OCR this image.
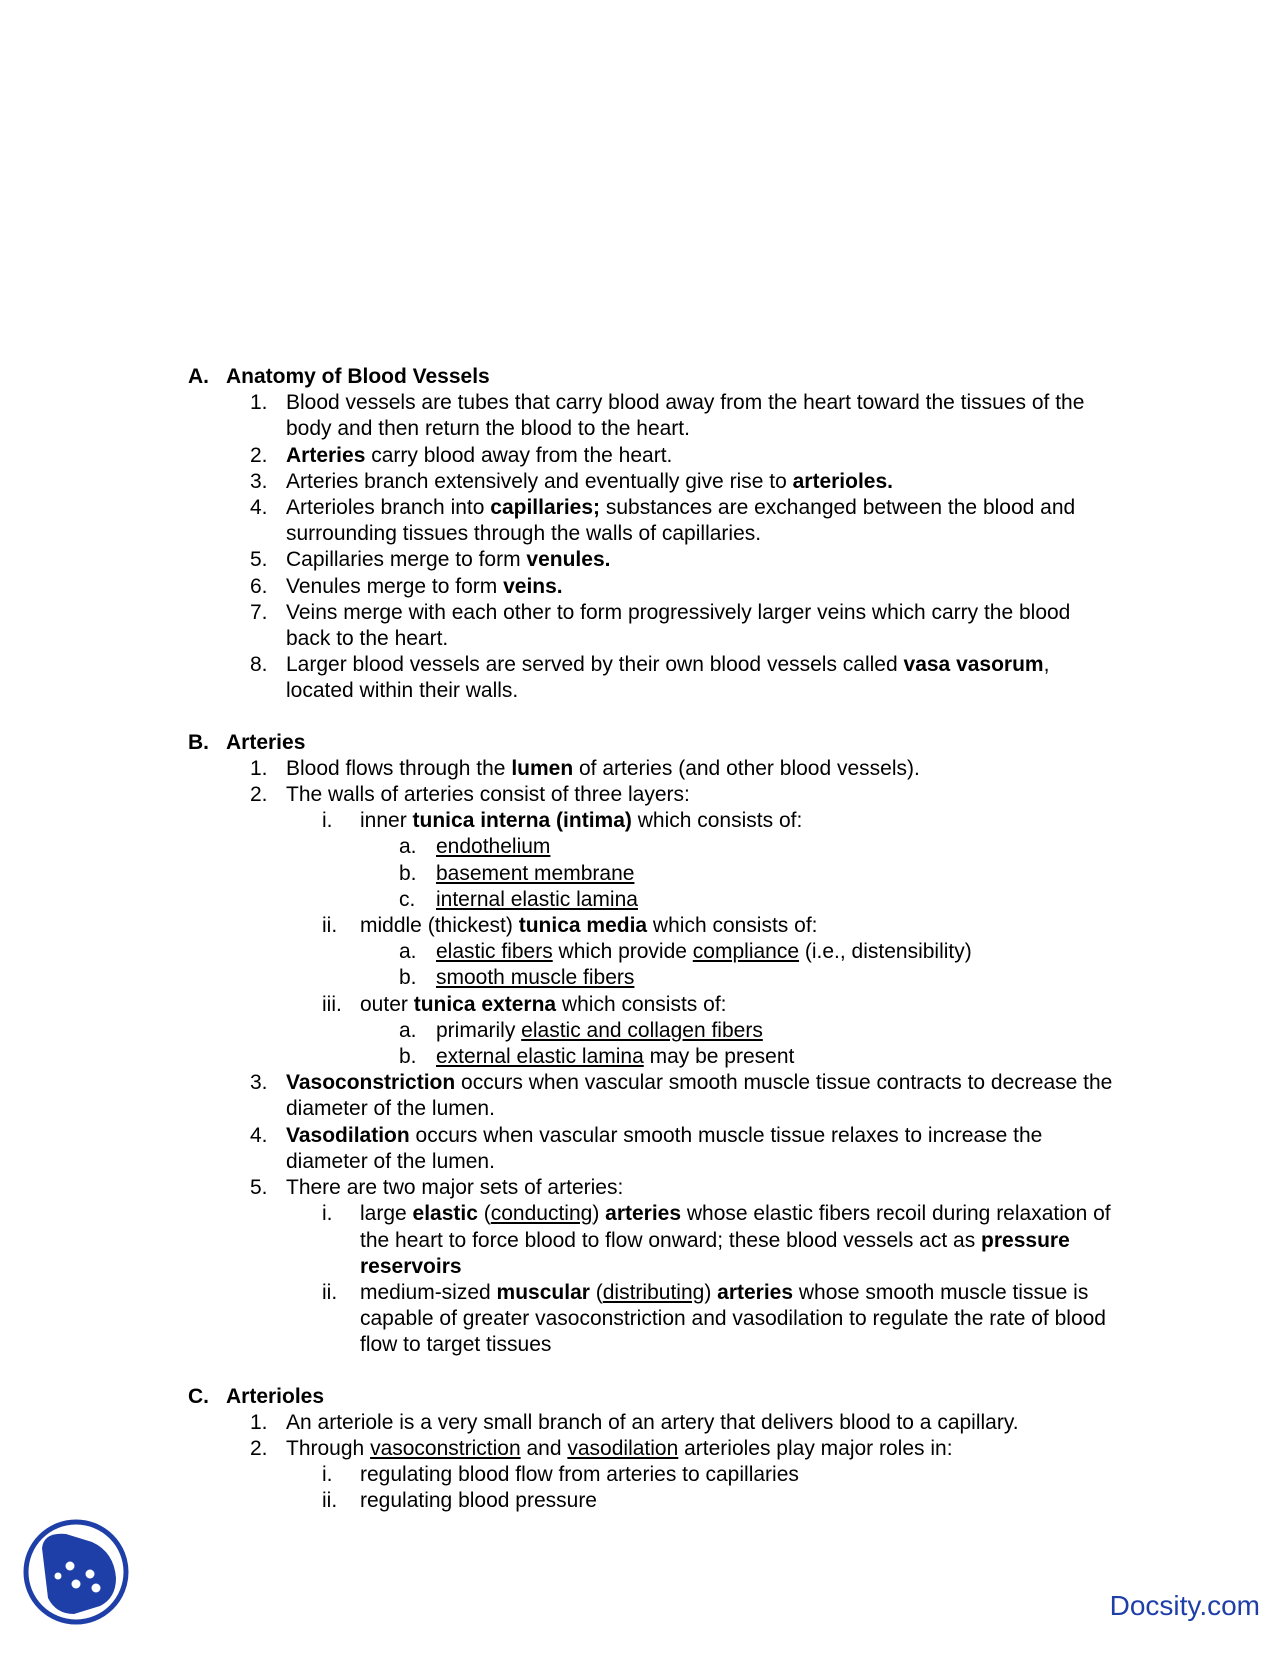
A. Anatomy of Blood Vessels
1. Blood vessels are tubes that carry blood away from the heart toward the tissues of the body and then return the blood to the heart.
2. Arteries carry blood away from the heart.
3. Arteries branch extensively and eventually give rise to arterioles.
4. Arterioles branch into capillaries; substances are exchanged between the blood and surrounding tissues through the walls of capillaries.
5. Capillaries merge to form venules.
6. Venules merge to form veins.
7. Veins merge with each other to form progressively larger veins which carry the blood back to the heart.
8. Larger blood vessels are served by their own blood vessels called vasa vasorum, located within their walls.
B. Arteries
1. Blood flows through the lumen of arteries (and other blood vessels).
2. The walls of arteries consist of three layers:
i. inner tunica interna (intima) which consists of:
a. endothelium
b. basement membrane
c. internal elastic lamina
ii. middle (thickest) tunica media which consists of:
a. elastic fibers which provide compliance (i.e., distensibility)
b. smooth muscle fibers
iii. outer tunica externa which consists of:
a. primarily elastic and collagen fibers
b. external elastic lamina may be present
3. Vasoconstriction occurs when vascular smooth muscle tissue contracts to decrease the diameter of the lumen.
4. Vasodilation occurs when vascular smooth muscle tissue relaxes to increase the diameter of the lumen.
5. There are two major sets of arteries:
i. large elastic (conducting) arteries whose elastic fibers recoil during relaxation of the heart to force blood to flow onward; these blood vessels act as pressure reservoirs
ii. medium-sized muscular (distributing) arteries whose smooth muscle tissue is capable of greater vasoconstriction and vasodilation to regulate the rate of blood flow to target tissues
C. Arterioles
1. An arteriole is a very small branch of an artery that delivers blood to a capillary.
2. Through vasoconstriction and vasodilation arterioles play major roles in:
i. regulating blood flow from arteries to capillaries
ii. regulating blood pressure
Docsity.com
